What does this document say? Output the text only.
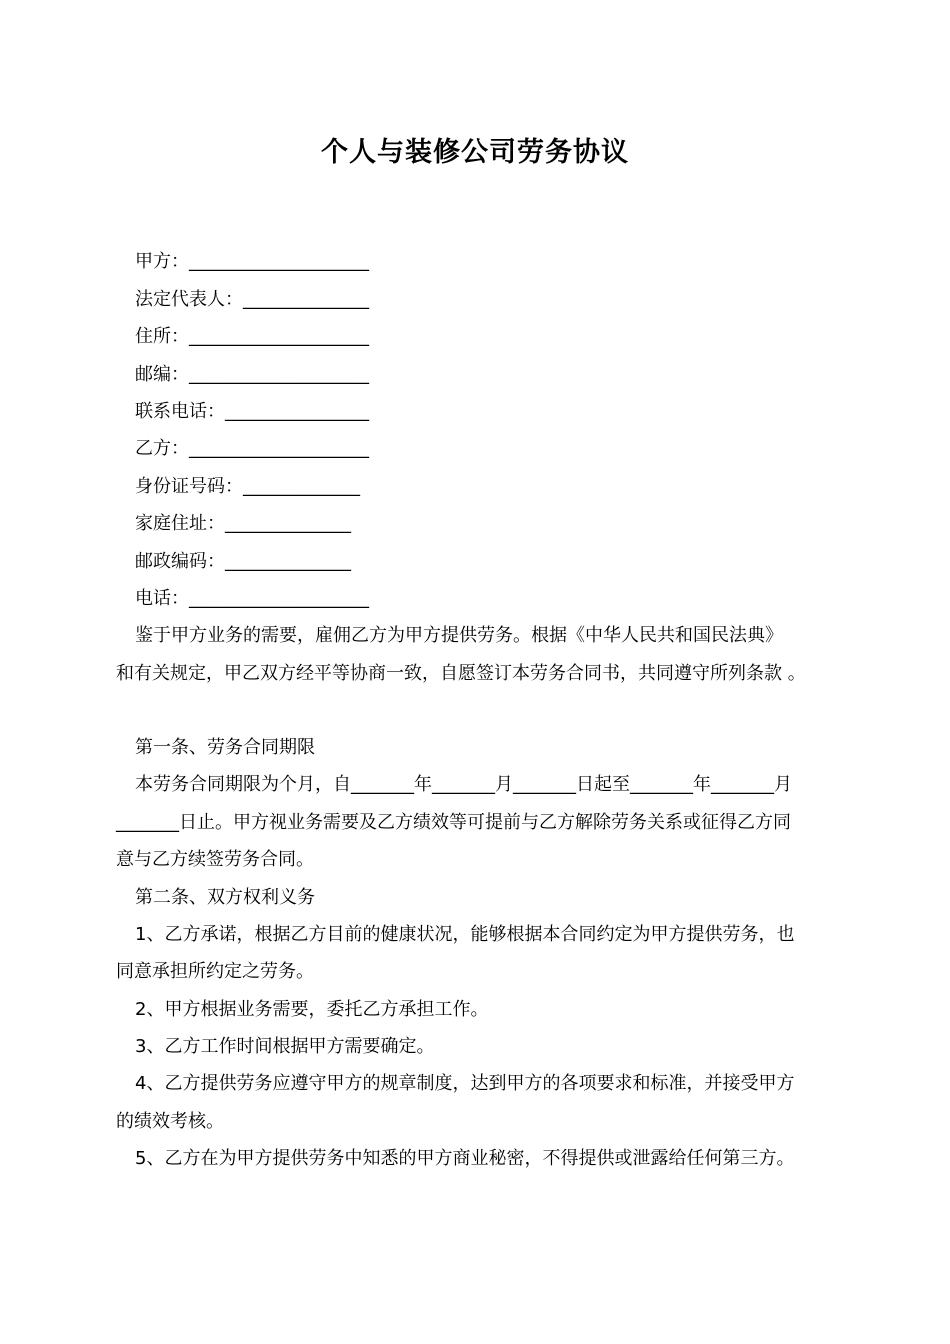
个人与装修公司劳务协议
甲方：____________________
法定代表人：______________
住所：____________________
邮编：____________________
联系电话：________________
乙方：____________________
身份证号码：_____________
家庭住址：______________
邮政编码：______________
电话：____________________
鉴于甲方业务的需要，雇佣乙方为甲方提供劳务。根据《中华人民共和国民法典》
和有关规定，甲乙双方经平等协商一致，自愿签订本劳务合同书，共同遵守所列条款 。
第一条、劳务合同期限
本劳务合同期限为个月，自_______年_______月_______日起至_______年_______月
_______日止。甲方视业务需要及乙方绩效等可提前与乙方解除劳务关系或征得乙方同
意与乙方续签劳务合同。
第二条、双方权利义务
1、乙方承诺，根据乙方目前的健康状况，能够根据本合同约定为甲方提供劳务，也
同意承担所约定之劳务。
2、甲方根据业务需要，委托乙方承担工作。
3、乙方工作时间根据甲方需要确定。
4、乙方提供劳务应遵守甲方的规章制度，达到甲方的各项要求和标准，并接受甲方
的绩效考核。
5、乙方在为甲方提供劳务中知悉的甲方商业秘密，不得提供或泄露给任何第三方。
